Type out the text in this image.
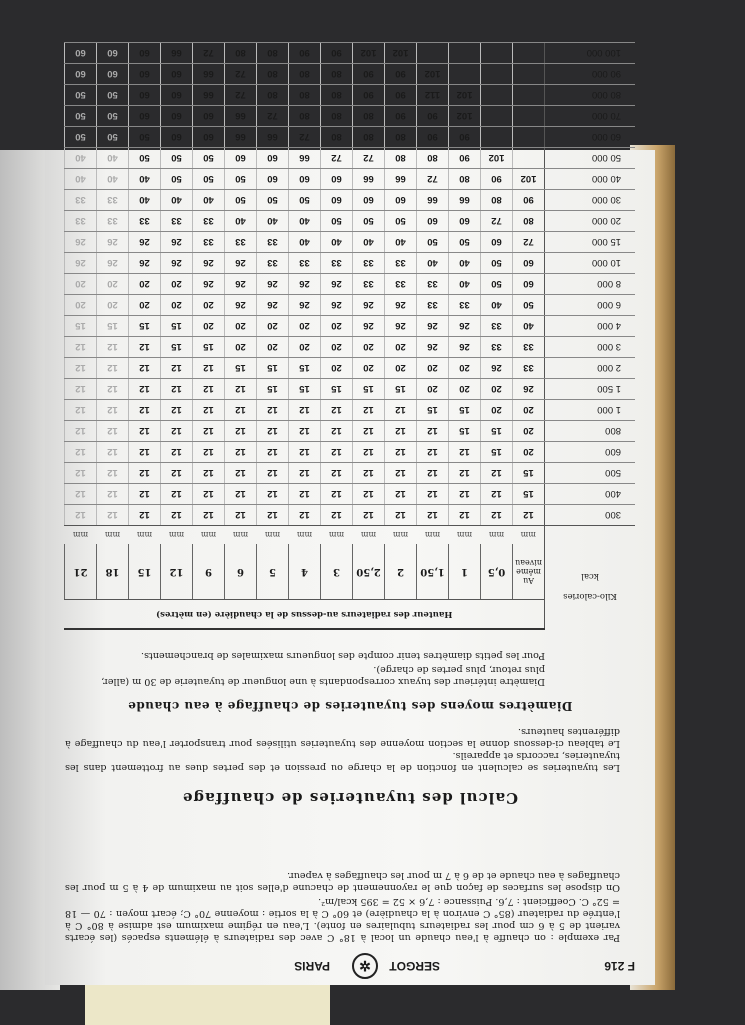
F 216
SERGOT
✲
PARIS
Par exemple : on chauffe à l'eau chaude un local à 18° C avec des radiateurs à éléments espacés (les écarts varient de 5 à 6 cm pour les radiateurs tubulaires en fonte). L'eau en régime maximum est admise à 80° C à l'entrée du radiateur (85° C environ à la chaudière) et 60° C à la sortie : moyenne 70° C; écart moyen : 70 — 18 = 52° C. Coefficient : 7,6. Puissance : 7,6 × 52 = 395 kcal/m².
On dispose les surfaces de façon que le rayonnement de chacune d'elles soit au maximum de 4 à 5 m pour les chauffages à eau chaude et de 6 à 7 m pour les chauffages à vapeur.
Calcul des tuyauteries de chauffage
Les tuyauteries se calculent en fonction de la charge ou pression et des pertes dues au frottement dans les tuyauteries, raccords et appareils.
Le tableau ci-dessous donne la section moyenne des tuyauteries utilisées pour transporter l'eau du chauffage à différentes hauteurs.
Diamètres moyens des tuyauteries de chauffage à eau chaude
Diamètre intérieur des tuyaux correspondants à une longueur de tuyauterie de 30 m (aller, plus retour, plus pertes de charge).
Pour les petits diamètres tenir compte des longueurs maximales de branchements.
Kilo-calories

kcal	Hauteur des radiateurs au-dessus de la chaudière (en mètres)														
	Au même niveau	0,5	1	1,50	2	2,50	3	4	5	6	9	12	15	18	21
	mm	mm	mm	mm	mm	mm	mm	mm	mm	mm	mm	mm	mm	mm	mm
300	12	12	12	12	12	12	12	12	12	12	12	12	12	12	12
400	15	12	12	12	12	12	12	12	12	12	12	12	12	12	12
500	15	12	12	12	12	12	12	12	12	12	12	12	12	12	12
600	20	15	12	12	12	12	12	12	12	12	12	12	12	12	12
800	20	15	15	12	12	12	12	12	12	12	12	12	12	12	12
1 000	20	20	15	15	12	12	12	12	12	12	12	12	12	12	12
1 500	26	20	20	20	15	15	15	15	15	12	12	12	12	12	12
2 000	33	26	20	20	20	20	20	15	15	15	12	12	12	12	12
3 000	33	33	26	26	20	20	20	20	20	20	15	15	12	12	12
4 000	40	33	26	26	26	26	20	20	20	20	20	15	15	15	15
6 000	50	40	33	33	26	26	26	26	26	26	20	20	20	20	20
8 000	60	50	40	33	33	33	26	26	26	26	26	20	20	20	20
10 000	60	50	40	40	33	33	33	33	33	26	26	26	26	26	26
15 000	72	60	50	50	40	40	40	40	33	33	33	26	26	26	26
20 000	80	72	60	60	50	50	50	40	40	40	33	33	33	33	33
30 000	90	80	66	66	60	60	60	50	50	50	40	40	40	33	33
40 000	102	90	80	72	66	66	60	60	60	50	50	50	40	40	40
50 000		102	90	80	80	72	72	66	60	60	50	50	50	40	40
60 000			90	90	80	80	80	72	66	66	60	60	50	50	50
70 000			102	90	90	80	80	80	72	66	60	60	60	50	50
80 000			102	112	90	90	80	80	80	72	66	60	60	50	50
90 000				102	90	90	80	80	80	72	66	60	60	60	60
100 000					102	102	90	90	80	80	72	66	60	60	60
